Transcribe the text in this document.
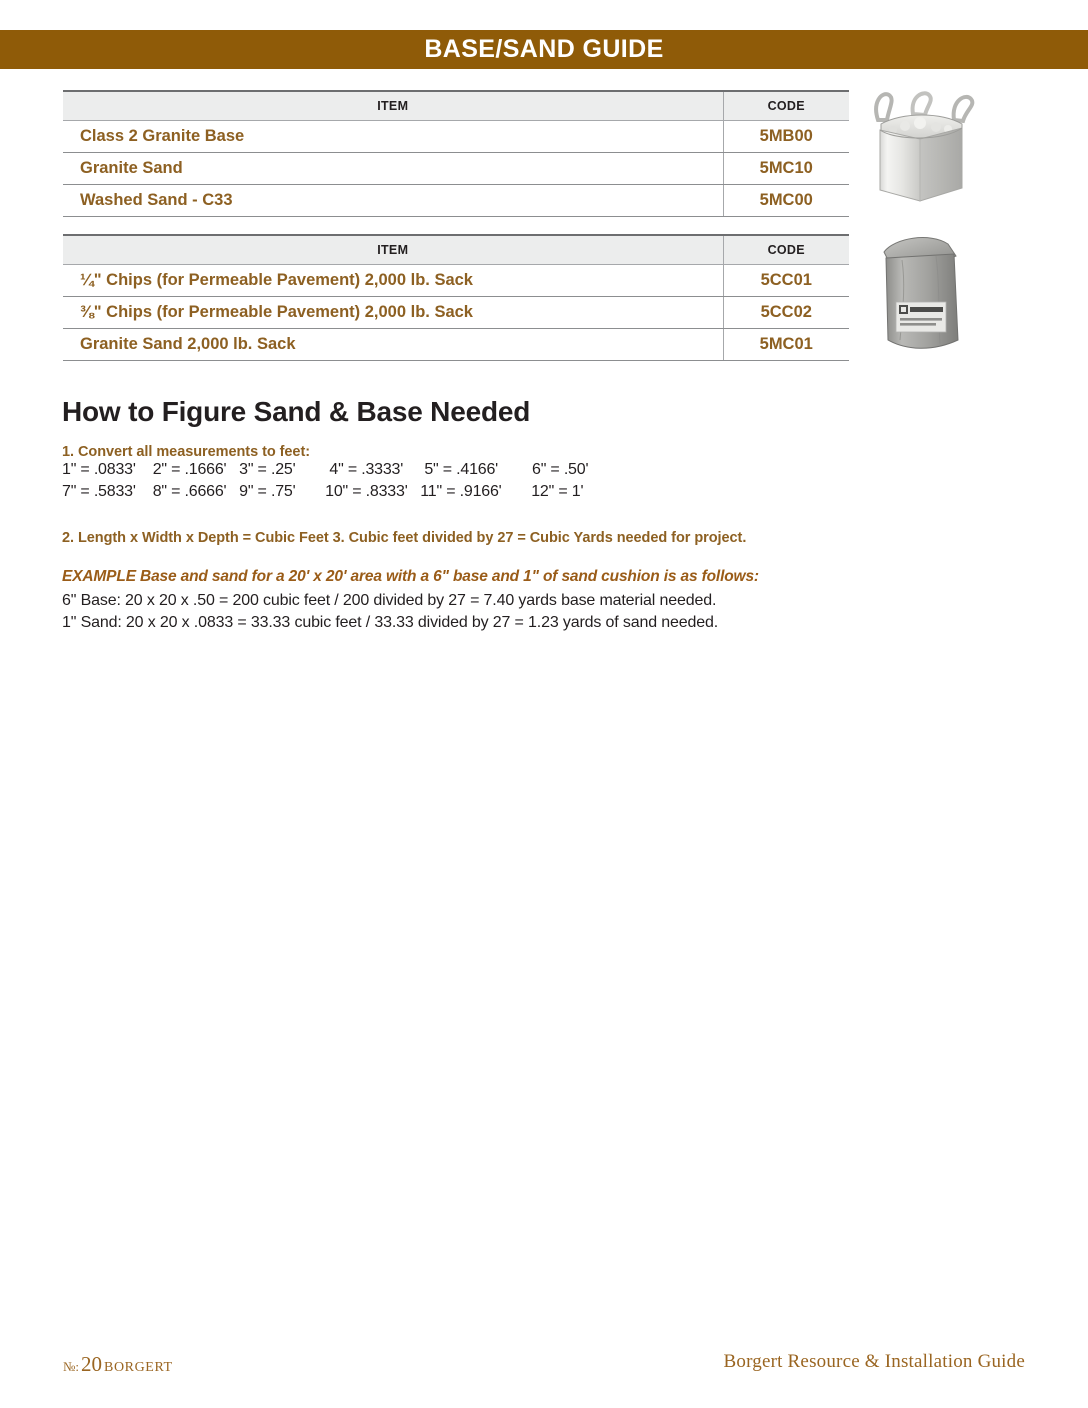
BASE/SAND GUIDE
ITEM	CODE
Class 2 Granite Base	5MB00
Granite Sand	5MC10
Washed Sand - C33	5MC00
ITEM	CODE
¼" Chips (for Permeable Pavement) 2,000 lb. Sack	5CC01
⅜" Chips (for Permeable Pavement) 2,000 lb. Sack	5CC02
Granite Sand 2,000 lb. Sack	5MC01
How to Figure Sand & Base Needed
1. Convert all measurements to feet:
1" = .0833'    2" = .1666'   3" = .25'        4" = .3333'     5" = .4166'        6" = .50'
7" = .5833'    8" = .6666'   9" = .75'       10" = .8333'   11" = .9166'       12" = 1'
2. Length x Width x Depth = Cubic Feet 3. Cubic feet divided by 27 = Cubic Yards needed for project.
EXAMPLE Base and sand for a 20' x 20' area with a 6" base and 1" of sand cushion is as follows:
6" Base: 20 x 20 x .50 = 200 cubic feet / 200 divided by 27 = 7.40 yards base material needed.
1" Sand: 20 x 20 x .0833 = 33.33 cubic feet / 33.33 divided by 27 = 1.23 yards of sand needed.
№:20 BORGERT	Borgert Resource & Installation Guide
